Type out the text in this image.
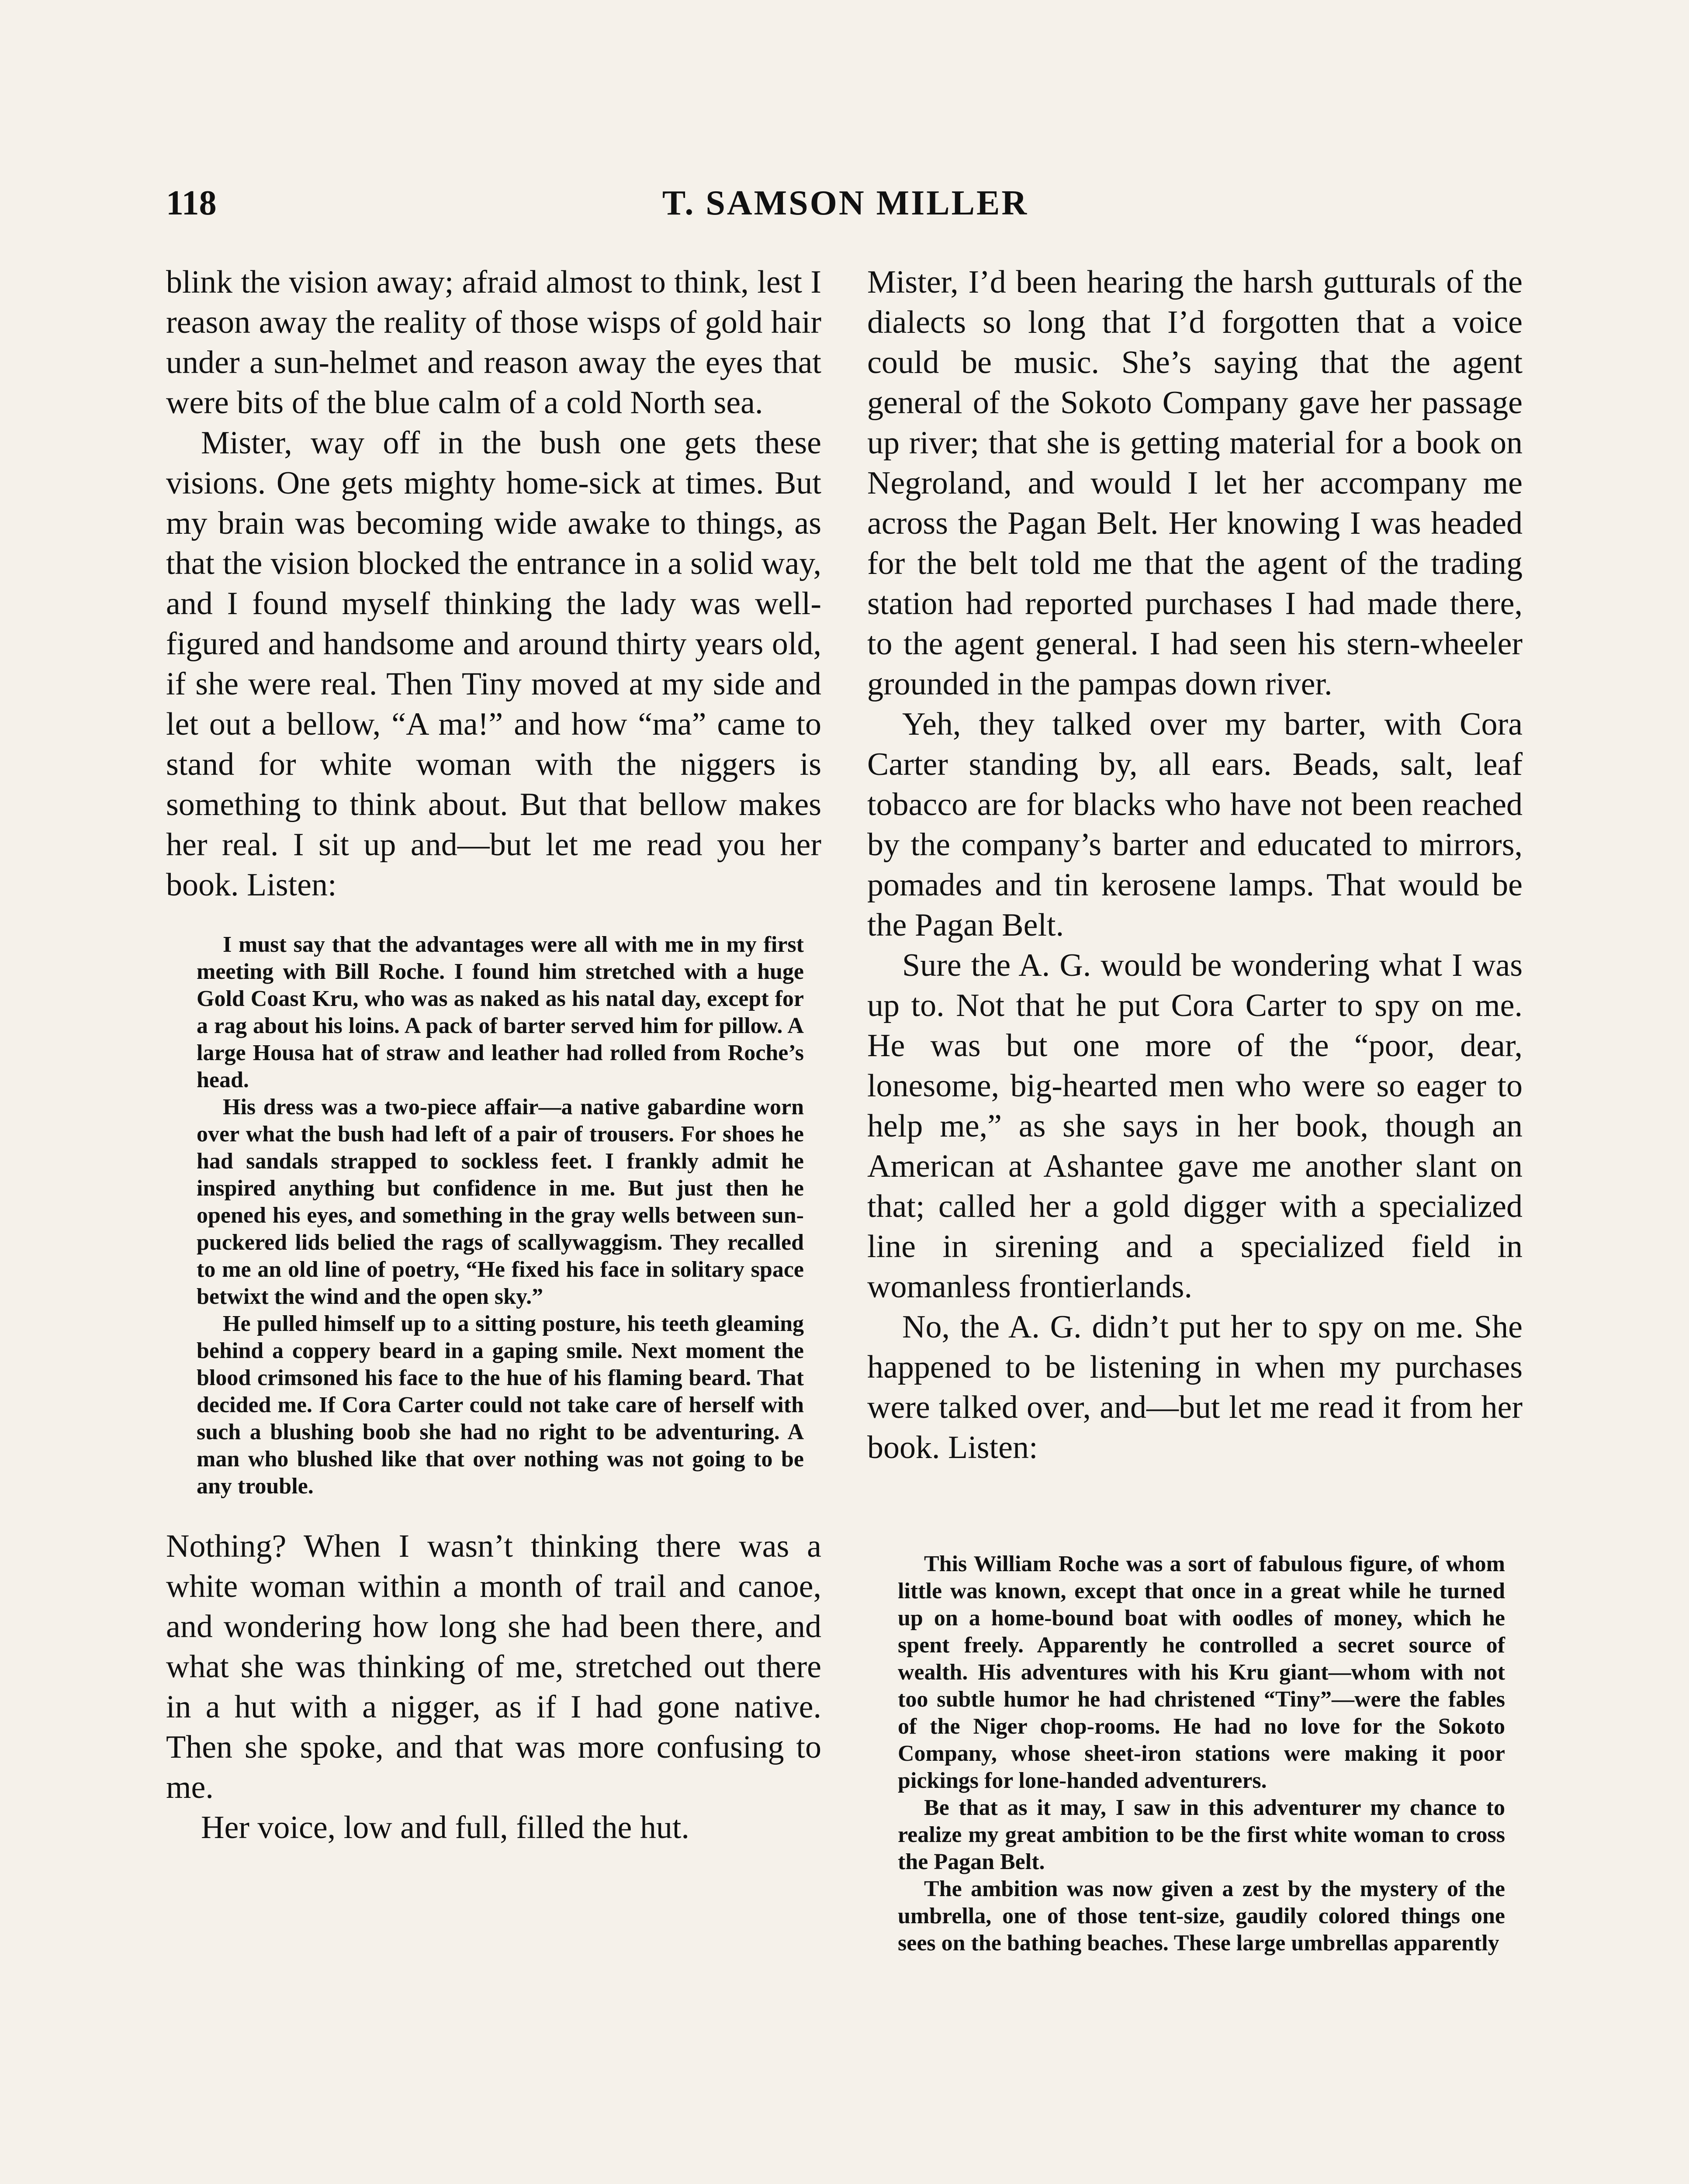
118	T. SAMSON MILLER

blink the vision away; afraid almost to think, lest I reason away the reality of those wisps of gold hair under a sun-helmet and reason away the eyes that were bits of the blue calm of a cold North sea.

Mister, way off in the bush one gets these visions. One gets mighty home-sick at times. But my brain was becoming wide awake to things, as that the vision blocked the entrance in a solid way, and I found myself thinking the lady was well-figured and handsome and around thirty years old, if she were real. Then Tiny moved at my side and let out a bellow, “A ma!” and how “ma” came to stand for white woman with the niggers is something to think about. But that bellow makes her real. I sit up and—but let me read you her book. Listen:

I must say that the advantages were all with me in my first meeting with Bill Roche. I found him stretched with a huge Gold Coast Kru, who was as naked as his natal day, except for a rag about his loins. A pack of barter served him for pillow. A large Housa hat of straw and leather had rolled from Roche’s head.

His dress was a two-piece affair—a native gabardine worn over what the bush had left of a pair of trousers. For shoes he had sandals strapped to sockless feet. I frankly admit he inspired anything but confidence in me. But just then he opened his eyes, and something in the gray wells between sun-puckered lids belied the rags of scallywaggism. They recalled to me an old line of poetry, “He fixed his face in solitary space betwixt the wind and the open sky.”

He pulled himself up to a sitting posture, his teeth gleaming behind a coppery beard in a gaping smile. Next moment the blood crimsoned his face to the hue of his flaming beard. That decided me. If Cora Carter could not take care of herself with such a blushing boob she had no right to be adventuring. A man who blushed like that over nothing was not going to be any trouble.

Nothing? When I wasn’t thinking there was a white woman within a month of trail and canoe, and wondering how long she had been there, and what she was thinking of me, stretched out there in a hut with a nigger, as if I had gone native. Then she spoke, and that was more confusing to me.

Her voice, low and full, filled the hut.

Mister, I’d been hearing the harsh gutturals of the dialects so long that I’d forgotten that a voice could be music. She’s saying that the agent general of the Sokoto Company gave her passage up river; that she is getting material for a book on Negroland, and would I let her accompany me across the Pagan Belt. Her knowing I was headed for the belt told me that the agent of the trading station had reported purchases I had made there, to the agent general. I had seen his stern-wheeler grounded in the pampas down river.

Yeh, they talked over my barter, with Cora Carter standing by, all ears. Beads, salt, leaf tobacco are for blacks who have not been reached by the company’s barter and educated to mirrors, pomades and tin kerosene lamps. That would be the Pagan Belt.

Sure the A. G. would be wondering what I was up to. Not that he put Cora Carter to spy on me. He was but one more of the “poor, dear, lonesome, big-hearted men who were so eager to help me,” as she says in her book, though an American at Ashantee gave me another slant on that; called her a gold digger with a specialized line in sirening and a specialized field in womanless frontierlands.

No, the A. G. didn’t put her to spy on me. She happened to be listening in when my purchases were talked over, and—but let me read it from her book. Listen:

This William Roche was a sort of fabulous figure, of whom little was known, except that once in a great while he turned up on a home-bound boat with oodles of money, which he spent freely. Apparently he controlled a secret source of wealth. His adventures with his Kru giant—whom with not too subtle humor he had christened “Tiny”—were the fables of the Niger chop-rooms. He had no love for the Sokoto Company, whose sheet-iron stations were making it poor pickings for lone-handed adventurers.

Be that as it may, I saw in this adventurer my chance to realize my great ambition to be the first white woman to cross the Pagan Belt.

The ambition was now given a zest by the mystery of the umbrella, one of those tent-size, gaudily colored things one sees on the bathing beaches. These large umbrellas apparently
